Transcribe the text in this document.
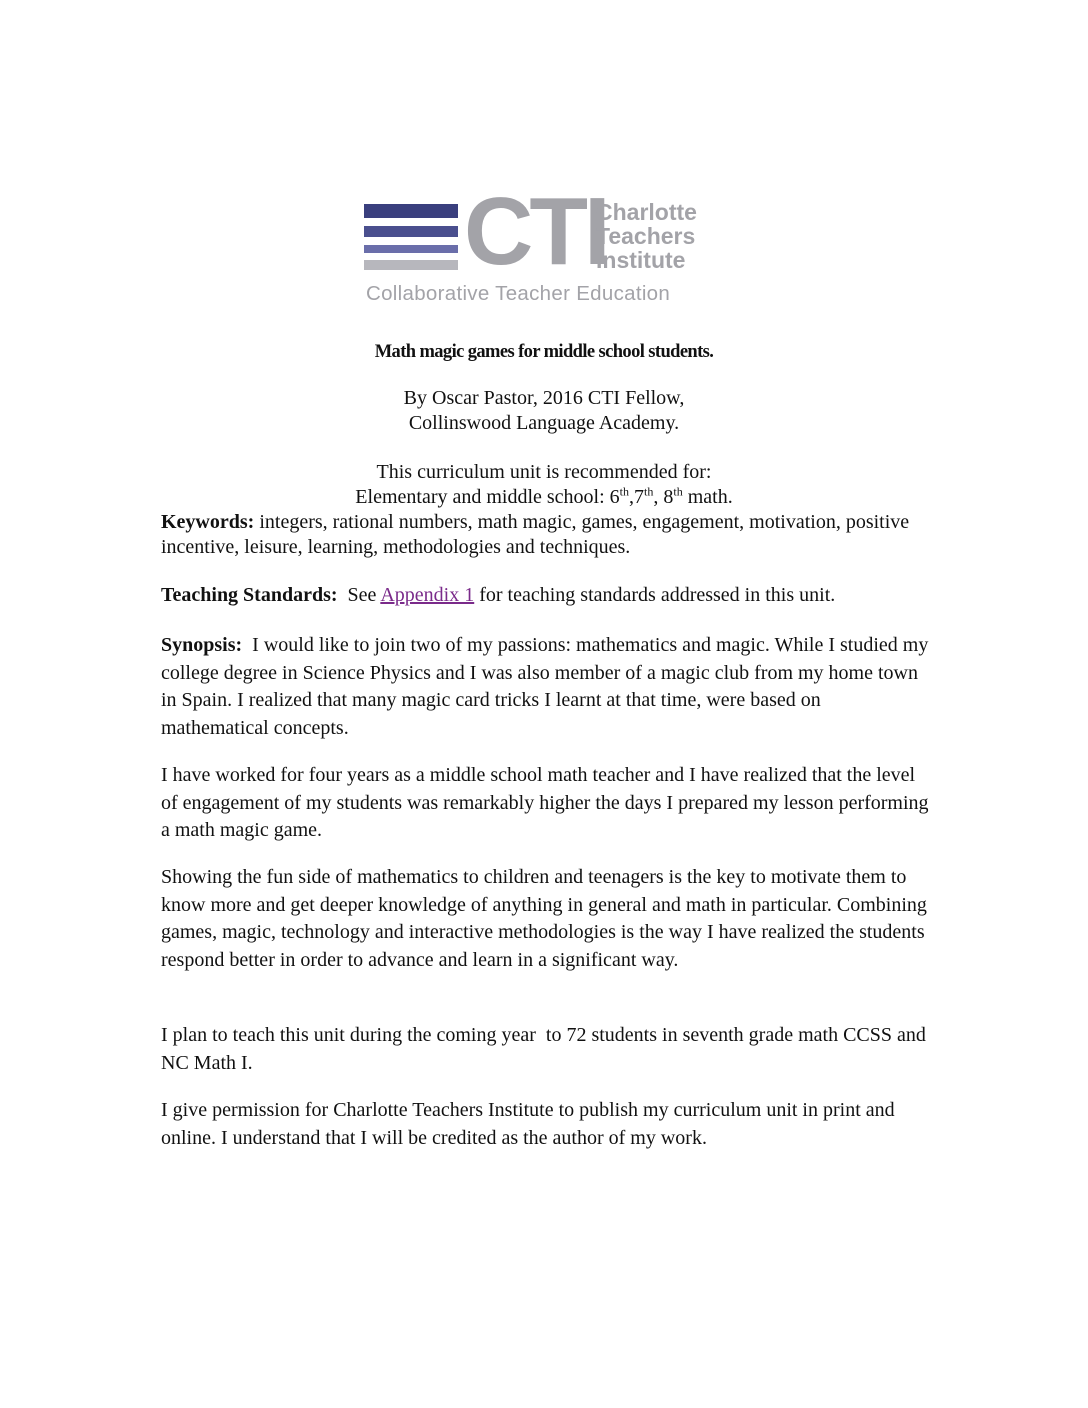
CTI
Charlotte
Teachers
Institute
Collaborative Teacher Education
Math magic games for middle school students.
By Oscar Pastor, 2016 CTI Fellow,
Collinswood Language Academy.
This curriculum unit is recommended for:
Elementary and middle school: 6th,7th, 8th math.

Keywords: integers, rational numbers, math magic, games, engagement, motivation, positive incentive, leisure, learning, methodologies and techniques.

Teaching Standards:  See Appendix 1 for teaching standards addressed in this unit.

Synopsis:  I would like to join two of my passions: mathematics and magic. While I studied my college degree in Science Physics and I was also member of a magic club from my home town in Spain. I realized that many magic card tricks I learnt at that time, were based on mathematical concepts.

I have worked for four years as a middle school math teacher and I have realized that the level of engagement of my students was remarkably higher the days I prepared my lesson performing a math magic game.

Showing the fun side of mathematics to children and teenagers is the key to motivate them to know more and get deeper knowledge of anything in general and math in particular. Combining games, magic, technology and interactive methodologies is the way I have realized the students respond better in order to advance and learn in a significant way.

I plan to teach this unit during the coming year  to 72 students in seventh grade math CCSS and NC Math I.

I give permission for Charlotte Teachers Institute to publish my curriculum unit in print and online. I understand that I will be credited as the author of my work.
